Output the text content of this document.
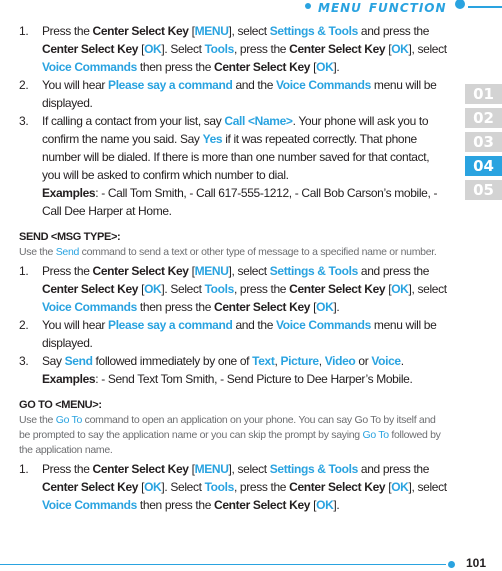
menu function
01
02
03
04
05
1. Press the Center Select Key [MENU], select Settings & Tools and press the Center Select Key [OK]. Select Tools, press the Center Select Key [OK], select Voice Commands then press the Center Select Key [OK].
2. You will hear Please say a command and the Voice Commands menu will be displayed.
3. If calling a contact from your list, say Call <Name>. Your phone will ask you to confirm the name you said. Say Yes if it was repeated correctly. That phone number will be dialed. If there is more than one number saved for that contact, you will be asked to confirm which number to dial.
Examples: - Call Tom Smith, - Call 617-555-1212, - Call Bob Carson’s mobile, - Call Dee Harper at Home.
SEND <MSG TYPE>:
Use the Send command to send a text or other type of message to a specified name or number.
1. Press the Center Select Key [MENU], select Settings & Tools and press the Center Select Key [OK]. Select Tools, press the Center Select Key [OK], select Voice Commands then press the Center Select Key [OK].
2. You will hear Please say a command and the Voice Commands menu will be displayed.
3. Say Send followed immediately by one of Text, Picture, Video or Voice.
Examples: - Send Text Tom Smith, - Send Picture to Dee Harper’s Mobile.
GO TO <MENU>:
Use the Go To command to open an application on your phone. You can say Go To by itself and be prompted to say the application name or you can skip the prompt by saying Go To followed by the application name.
1. Press the Center Select Key [MENU], select Settings & Tools and press the Center Select Key [OK]. Select Tools, press the Center Select Key [OK], select Voice Commands then press the Center Select Key [OK].
101
